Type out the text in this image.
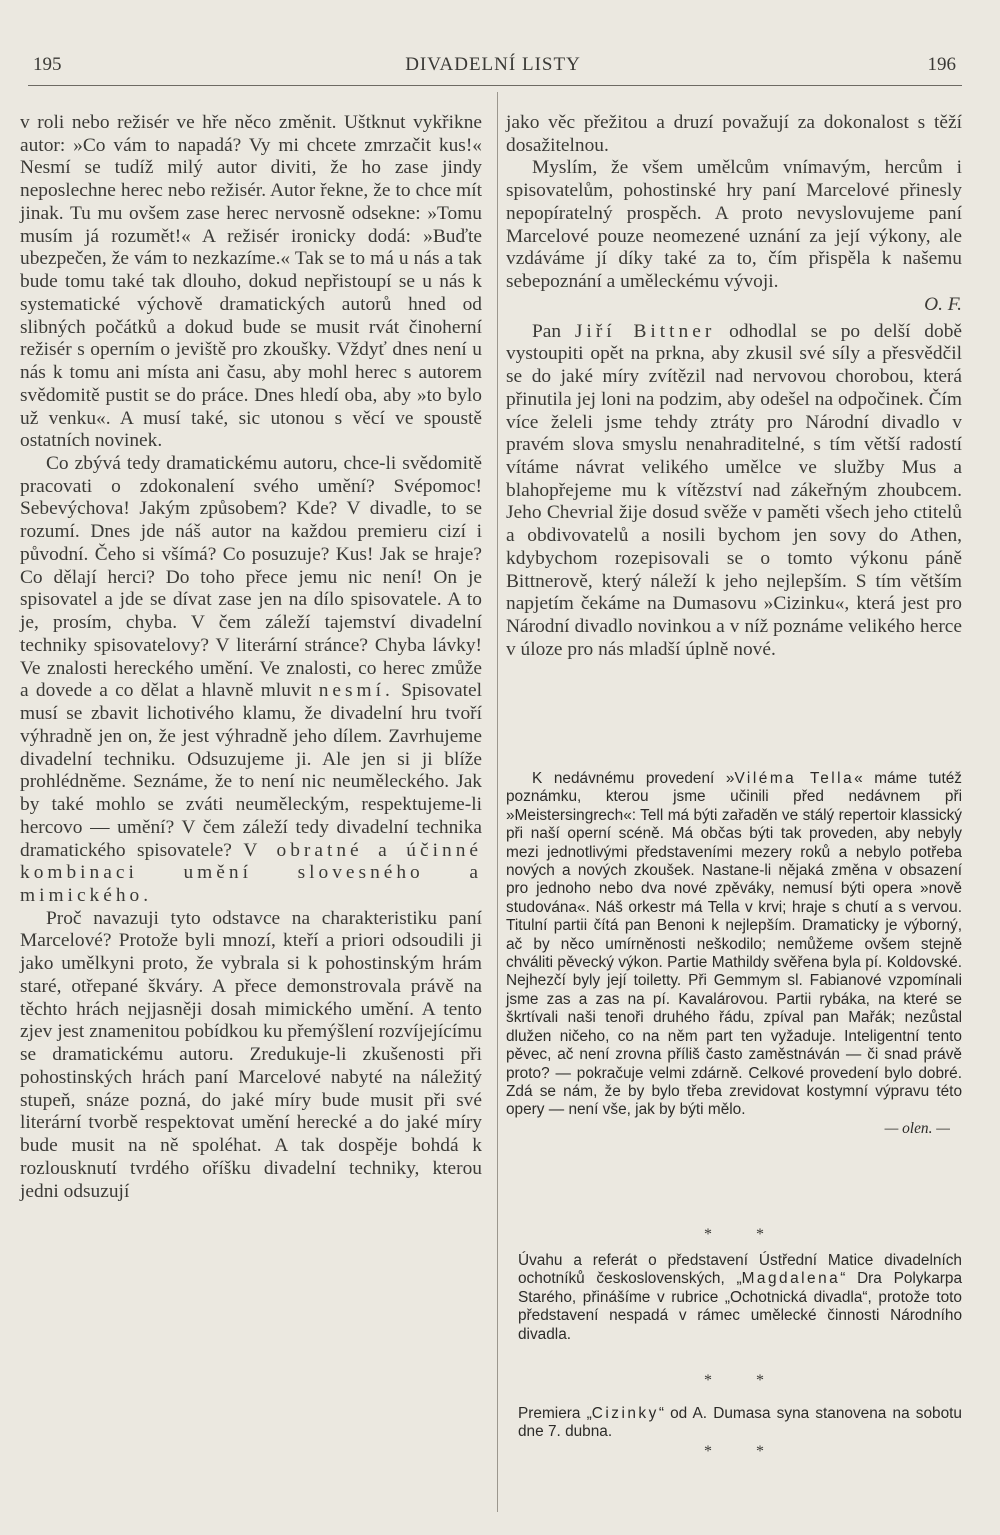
195	DIVADELNÍ LISTY	196

v roli nebo režisér ve hře něco změnit. Uštknut vykřikne autor: »Co vám to napadá? Vy mi chcete zmrzačit kus!« Nesmí se tudíž milý autor diviti, že ho zase jindy neposlechne herec nebo režisér. Autor řekne, že to chce mít jinak. Tu mu ovšem zase herec nervosně odsekne: »Tomu musím já rozumět!« A režisér ironicky dodá: »Buďte ubezpečen, že vám to nezkazíme.« Tak se to má u nás a tak bude tomu také tak dlouho, dokud nepřistoupí se u nás k systematické výchově dramatických autorů hned od slibných počátků a dokud bude se musit rvát činoherní režisér s operním o jeviště pro zkoušky. Vždyť dnes není u nás k tomu ani místa ani času, aby mohl herec s autorem svědomitě pustit se do práce. Dnes hledí oba, aby »to bylo už venku«. A musí také, sic utonou s věcí ve spoustě ostatních novinek.

Co zbývá tedy dramatickému autoru, chce-li svědomitě pracovati o zdokonalení svého umění? Svépomoc! Sebevýchova! Jakým způsobem? Kde? V divadle, to se rozumí. Dnes jde náš autor na každou premieru cizí i původní. Čeho si všímá? Co posuzuje? Kus! Jak se hraje? Co dělají herci? Do toho přece jemu nic není! On je spisovatel a jde se dívat zase jen na dílo spisovatele. A to je, prosím, chyba. V čem záleží tajemství divadelní techniky spisovatelovy? V literární stránce? Chyba lávky! Ve znalosti hereckého umění. Ve znalosti, co herec zmůže a dovede a co dělat a hlavně mluvit nesmí. Spisovatel musí se zbavit lichotivého klamu, že divadelní hru tvoří výhradně jen on, že jest výhradně jeho dílem. Zavrhujeme divadelní techniku. Odsuzujeme ji. Ale jen si ji blíže prohlédněme. Seznáme, že to není nic neuměleckého. Jak by také mohlo se zváti neuměleckým, respektujeme-li hercovo — umění? V čem záleží tedy divadelní technika dramatického spisovatele? V obratné a účinné kombinaci umění slovesného a mimického.

Proč navazuji tyto odstavce na charakteristiku paní Marcelové? Protože byli mnozí, kteří a priori odsoudili ji jako umělkyni proto, že vybrala si k pohostinským hrám staré, otřepané škváry. A přece demonstrovala právě na těchto hrách nejjasněji dosah mimického umění. A tento zjev jest znamenitou pobídkou ku přemýšlení rozvíjejícímu se dramatickému autoru. Zredukuje-li zkušenosti při pohostinských hrách paní Marcelové nabyté na náležitý stupeň, snáze pozná, do jaké míry bude musit při své literární tvorbě respektovat umění herecké a do jaké míry bude musit na ně spoléhat. A tak dospěje bohdá k rozlousknutí tvrdého oříšku divadelní techniky, kterou jedni odsuzují

jako věc přežitou a druzí považují za dokonalost s těží dosažitelnou.

Myslím, že všem umělcům vnímavým, hercům i spisovatelům, pohostinské hry paní Marcelové přinesly nepopíratelný prospěch. A proto nevyslovujeme paní Marcelové pouze neomezené uznání za její výkony, ale vzdáváme jí díky také za to, čím přispěla k našemu sebepoznání a uměleckému vývoji.

O. F.

Pan Jiří Bittner odhodlal se po delší době vystoupiti opět na prkna, aby zkusil své síly a přesvědčil se do jaké míry zvítězil nad nervovou chorobou, která přinutila jej loni na podzim, aby odešel na odpočinek. Čím více želeli jsme tehdy ztráty pro Národní divadlo v pravém slova smyslu nenahraditelné, s tím větší radostí vítáme návrat velikého umělce ve služby Mus a blahopřejeme mu k vítězství nad zákeřným zhoubcem. Jeho Chevrial žije dosud svěže v paměti všech jeho ctitelů a obdivovatelů a nosili bychom jen sovy do Athen, kdybychom rozepisovali se o tomto výkonu páně Bittnerově, který náleží k jeho nejlepším. S tím větším napjetím čekáme na Dumasovu »Cizinku«, která jest pro Národní divadlo novinkou a v níž poznáme velikého herce v úloze pro nás mladší úplně nové.

K nedávnému provedení »Viléma Tella« máme tutéž poznámku, kterou jsme učinili před nedávnem při »Meistersingrech«: Tell má býti zařaděn ve stálý repertoir klassický při naší operní scéně. Má občas býti tak proveden, aby nebyly mezi jednotlivými představeními mezery roků a nebylo potřeba nových a nových zkoušek. Nastane-li nějaká změna v obsazení pro jednoho nebo dva nové zpěváky, nemusí býti opera »nově studována«. Náš orkestr má Tella v krvi; hraje s chutí a s vervou. Titulní partii čítá pan Benoni k nejlepším. Dramaticky je výborný, ač by něco umírněnosti neškodilo; nemůžeme ovšem stejně chváliti pěvecký výkon. Partie Mathildy svěřena byla pí. Koldovské. Nejhezčí byly její toiletty. Při Gemmym sl. Fabianové vzpomínali jsme zas a zas na pí. Kavalárovou. Partii rybáka, na které se škrtívali naši tenoři druhého řádu, zpíval pan Mařák; nezůstal dlužen ničeho, co na něm part ten vyžaduje. Inteligentní tento pěvec, ač není zrovna příliš často zaměstnáván — či snad právě proto? — pokračuje velmi zdárně. Celkové provedení bylo dobré. Zdá se nám, že by bylo třeba zrevidovat kostymní výpravu této opery — není vše, jak by býti mělo.
— olen. —
* *
Úvahu a referát o představení Ústřední Matice divadelních ochotníků československých, „Magdalena“ Dra Polykarpa Starého, přinášíme v rubrice „Ochotnická divadla“, protože toto představení nespadá v rámec umělecké činnosti Národního divadla.
* *
Premiera „Cizinky“ od A. Dumasa syna stanovena na sobotu dne 7. dubna.
* *
